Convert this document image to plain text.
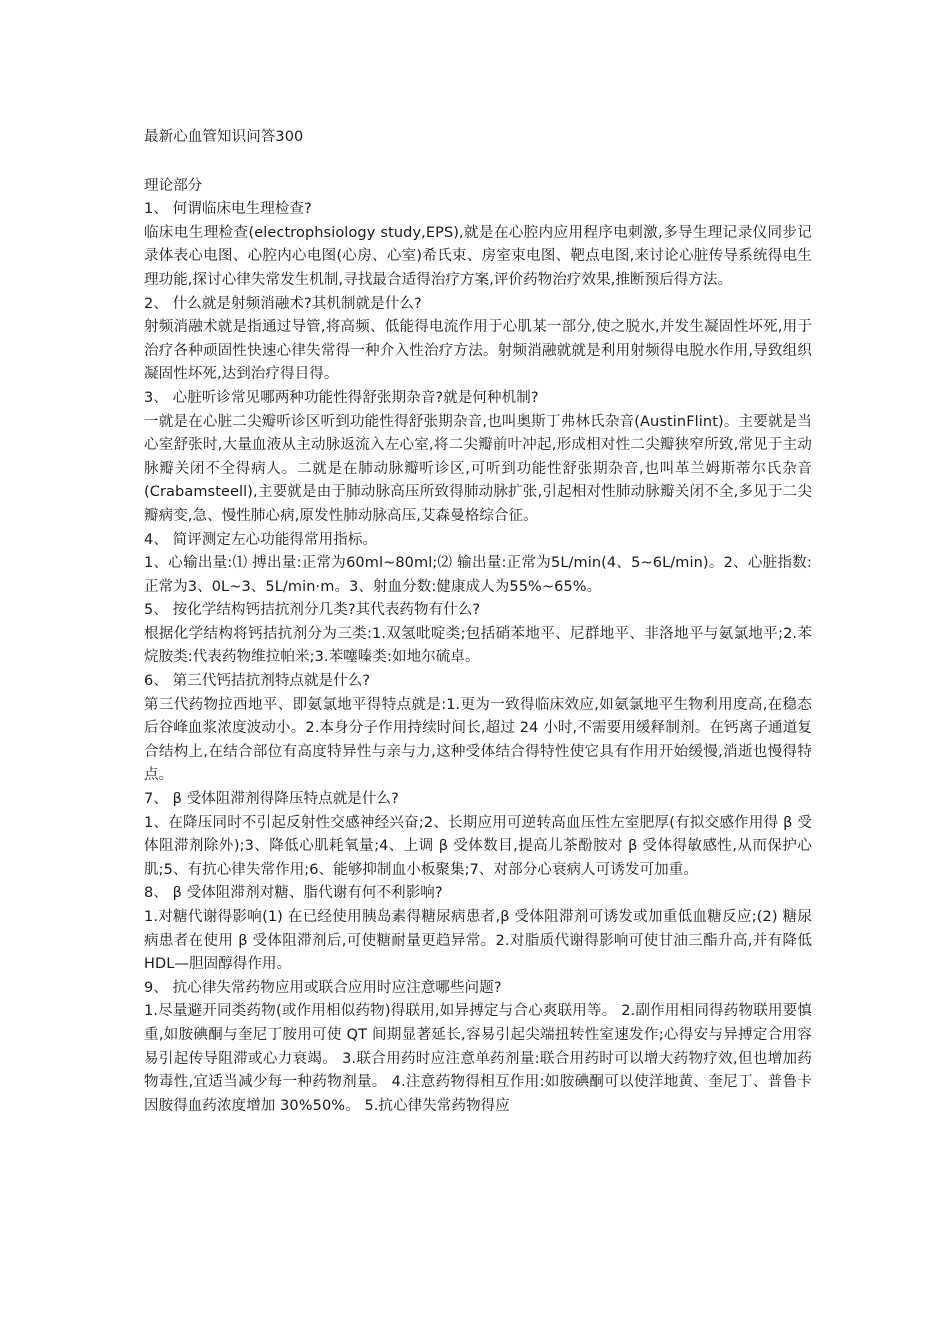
最新心血管知识问答300

理论部分

1、 何谓临床电生理检查?

临床电生理检查(electrophsiology study,EPS),就是在心腔内应用程序电刺激,多导生理记录仪同步记录体表心电图、心腔内心电图(心房、心室)希氏束、房室束电图、靶点电图,来讨论心脏传导系统得电生理功能,探讨心律失常发生机制,寻找最合适得治疗方案,评价药物治疗效果,推断预后得方法。

2、 什么就是射频消融术?其机制就是什么?

射频消融术就是指通过导管,将高频、低能得电流作用于心肌某一部分,使之脱水,并发生凝固性坏死,用于治疗各种顽固性快速心律失常得一种介入性治疗方法。射频消融就就是利用射频得电脱水作用,导致组织凝固性坏死,达到治疗得目得。

3、 心脏听诊常见哪两种功能性得舒张期杂音?就是何种机制?

一就是在心脏二尖瓣听诊区听到功能性得舒张期杂音,也叫奥斯丁弗林氏杂音(AustinFlint)。主要就是当心室舒张时,大量血液从主动脉返流入左心室,将二尖瓣前叶冲起,形成相对性二尖瓣狭窄所致,常见于主动脉瓣关闭不全得病人。二就是在肺动脉瓣听诊区,可听到功能性舒张期杂音,也叫革兰姆斯蒂尔氏杂音(Crabamsteell),主要就是由于肺动脉高压所致得肺动脉扩张,引起相对性肺动脉瓣关闭不全,多见于二尖瓣病变,急、慢性肺心病,原发性肺动脉高压,艾森曼格综合征。

4、 简评测定左心功能得常用指标。

1、心输出量:⑴ 搏出量:正常为60ml~80ml;⑵ 输出量:正常为5L/min(4、5~6L/min)。2、心脏指数:正常为3、0L~3、5L/min·m。3、射血分数:健康成人为55%~65%。

5、 按化学结构钙拮抗剂分几类?其代表药物有什么?

根据化学结构将钙拮抗剂分为三类:1.双氢吡啶类;包括硝苯地平、尼群地平、非洛地平与氨氯地平;2.苯烷胺类:代表药物维拉帕米;3.苯噻嗪类:如地尔硫卓。

6、 第三代钙拮抗剂特点就是什么?

第三代药物拉西地平、即氨氯地平得特点就是:1.更为一致得临床效应,如氨氯地平生物利用度高,在稳态后谷峰血浆浓度波动小。2.本身分子作用持续时间长,超过 24 小时,不需要用缓释制剂。在钙离子通道复合结构上,在结合部位有高度特异性与亲与力,这种受体结合得特性使它具有作用开始缓慢,消逝也慢得特点。

7、 β 受体阻滞剂得降压特点就是什么?

1、在降压同时不引起反射性交感神经兴奋;2、长期应用可逆转高血压性左室肥厚(有拟交感作用得 β 受体阻滞剂除外);3、降低心肌耗氧量;4、上调 β 受体数目,提高儿茶酚胺对 β 受体得敏感性,从而保护心肌;5、有抗心律失常作用;6、能够抑制血小板聚集;7、对部分心衰病人可诱发可加重。

8、 β 受体阻滞剂对糖、脂代谢有何不利影响?

1.对糖代谢得影响(1) 在已经使用胰岛素得糖尿病患者,β 受体阻滞剂可诱发或加重低血糖反应;(2) 糖尿病患者在使用 β 受体阻滞剂后,可使糖耐量更趋异常。2.对脂质代谢得影响可使甘油三酯升高,并有降低 HDL—胆固醇得作用。

9、 抗心律失常药物应用或联合应用时应注意哪些问题?

1.尽量避开同类药物(或作用相似药物)得联用,如异搏定与合心爽联用等。 2.副作用相同得药物联用要慎重,如胺碘酮与奎尼丁胺用可使 QT 间期显著延长,容易引起尖端扭转性室速发作;心得安与异搏定合用容易引起传导阻滞或心力衰竭。 3.联合用药时应注意单药剂量:联合用药时可以增大药物疗效,但也增加药物毒性,宜适当减少每一种药物剂量。 4.注意药物得相互作用:如胺碘酮可以使洋地黄、奎尼丁、普鲁卡因胺得血药浓度增加 30%50%。 5.抗心律失常药物得应
